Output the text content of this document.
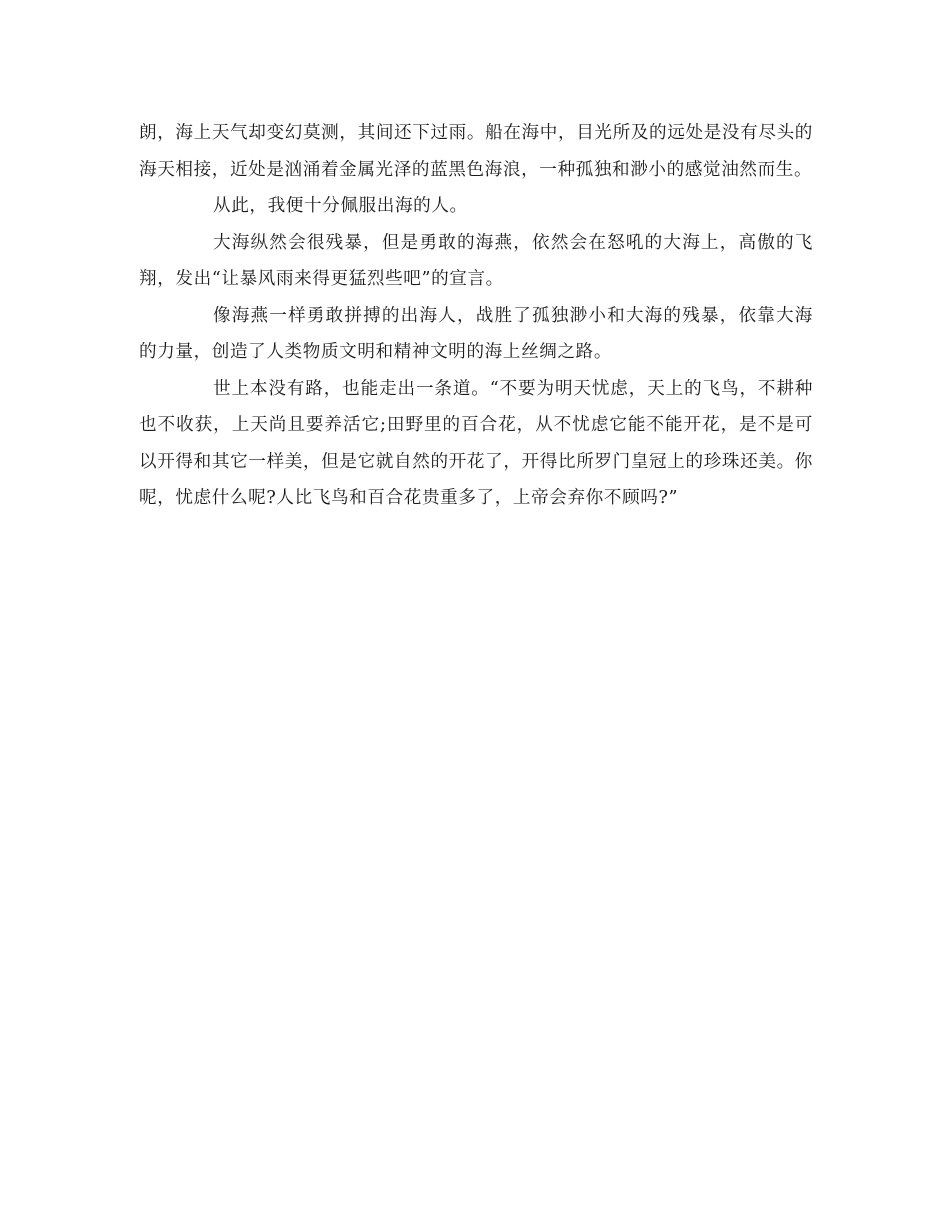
朗，海上天气却变幻莫测，其间还下过雨。船在海中，目光所及的远处是没有尽头的海天相接，近处是汹涌着金属光泽的蓝黑色海浪，一种孤独和渺小的感觉油然而生。

从此，我便十分佩服出海的人。

大海纵然会很残暴，但是勇敢的海燕，依然会在怒吼的大海上，高傲的飞翔，发出“让暴风雨来得更猛烈些吧”的宣言。

像海燕一样勇敢拼搏的出海人，战胜了孤独渺小和大海的残暴，依靠大海的力量，创造了人类物质文明和精神文明的海上丝绸之路。

世上本没有路，也能走出一条道。“不要为明天忧虑，天上的飞鸟，不耕种也不收获，上天尚且要养活它;田野里的百合花，从不忧虑它能不能开花，是不是可以开得和其它一样美，但是它就自然的开花了，开得比所罗门皇冠上的珍珠还美。你呢，忧虑什么呢?人比飞鸟和百合花贵重多了，上帝会弃你不顾吗?”
